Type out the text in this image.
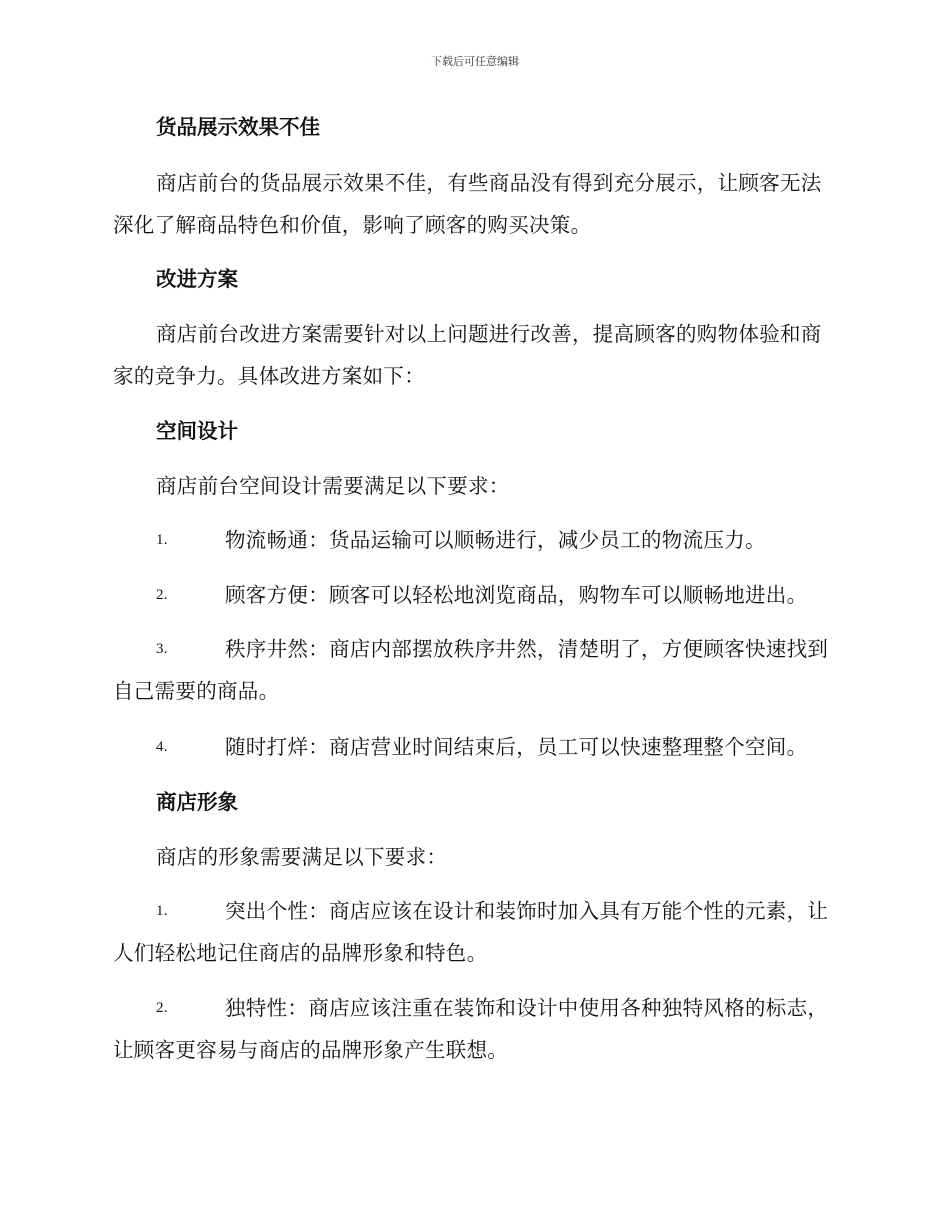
下载后可任意编辑
货品展示效果不佳
商店前台的货品展示效果不佳，有些商品没有得到充分展示，让顾客无法深化了解商品特色和价值，影响了顾客的购买决策。
改进方案
商店前台改进方案需要针对以上问题进行改善，提高顾客的购物体验和商家的竞争力。具体改进方案如下：
空间设计
商店前台空间设计需要满足以下要求：
1.	物流畅通：货品运输可以顺畅进行，减少员工的物流压力。
2.	顾客方便：顾客可以轻松地浏览商品，购物车可以顺畅地进出。
3.	秩序井然：商店内部摆放秩序井然，清楚明了，方便顾客快速找到自己需要的商品。
4.	随时打烊：商店营业时间结束后，员工可以快速整理整个空间。
商店形象
商店的形象需要满足以下要求：
1.	突出个性：商店应该在设计和装饰时加入具有万能个性的元素，让人们轻松地记住商店的品牌形象和特色。
2.	独特性：商店应该注重在装饰和设计中使用各种独特风格的标志，让顾客更容易与商店的品牌形象产生联想。
